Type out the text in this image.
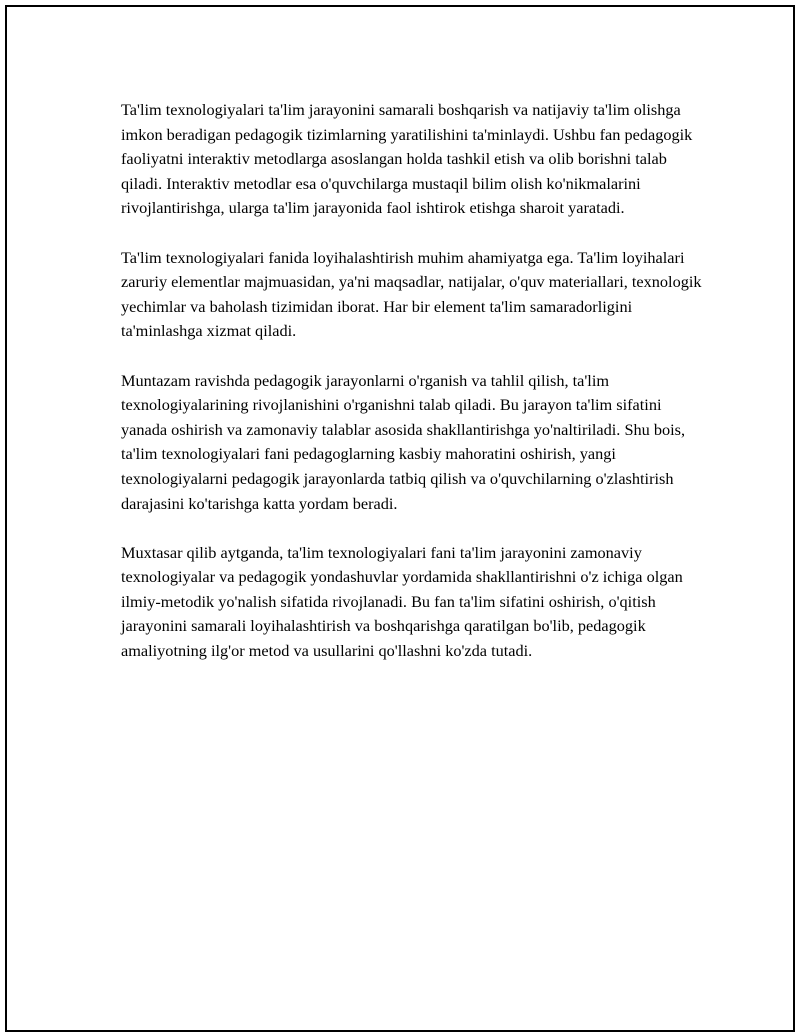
Ta'lim texnologiyalari ta'lim jarayonini samarali boshqarish va natijaviy ta'lim olishga imkon beradigan pedagogik tizimlarning yaratilishini ta'minlaydi. Ushbu fan pedagogik faoliyatni interaktiv metodlarga asoslangan holda tashkil etish va olib borishni talab qiladi. Interaktiv metodlar esa o'quvchilarga mustaqil bilim olish ko'nikmalarini rivojlantirishga, ularga ta'lim jarayonida faol ishtirok etishga sharoit yaratadi.

Ta'lim texnologiyalari fanida loyihalashtirish muhim ahamiyatga ega. Ta'lim loyihalari zaruriy elementlar majmuasidan, ya'ni maqsadlar, natijalar, o'quv materiallari, texnologik yechimlar va baholash tizimidan iborat. Har bir element ta'lim samaradorligini ta'minlashga xizmat qiladi.

Muntazam ravishda pedagogik jarayonlarni o'rganish va tahlil qilish, ta'lim texnologiyalarining rivojlanishini o'rganishni talab qiladi. Bu jarayon ta'lim sifatini yanada oshirish va zamonaviy talablar asosida shakllantirishga yo'naltiriladi. Shu bois, ta'lim texnologiyalari fani pedagoglarning kasbiy mahoratini oshirish, yangi texnologiyalarni pedagogik jarayonlarda tatbiq qilish va o'quvchilarning o'zlashtirish darajasini ko'tarishga katta yordam beradi.

Muxtasar qilib aytganda, ta'lim texnologiyalari fani ta'lim jarayonini zamonaviy texnologiyalar va pedagogik yondashuvlar yordamida shakllantirishni o'z ichiga olgan ilmiy-metodik yo'nalish sifatida rivojlanadi. Bu fan ta'lim sifatini oshirish, o'qitish jarayonini samarali loyihalashtirish va boshqarishga qaratilgan bo'lib, pedagogik amaliyotning ilg'or metod va usullarini qo'llashni ko'zda tutadi.
